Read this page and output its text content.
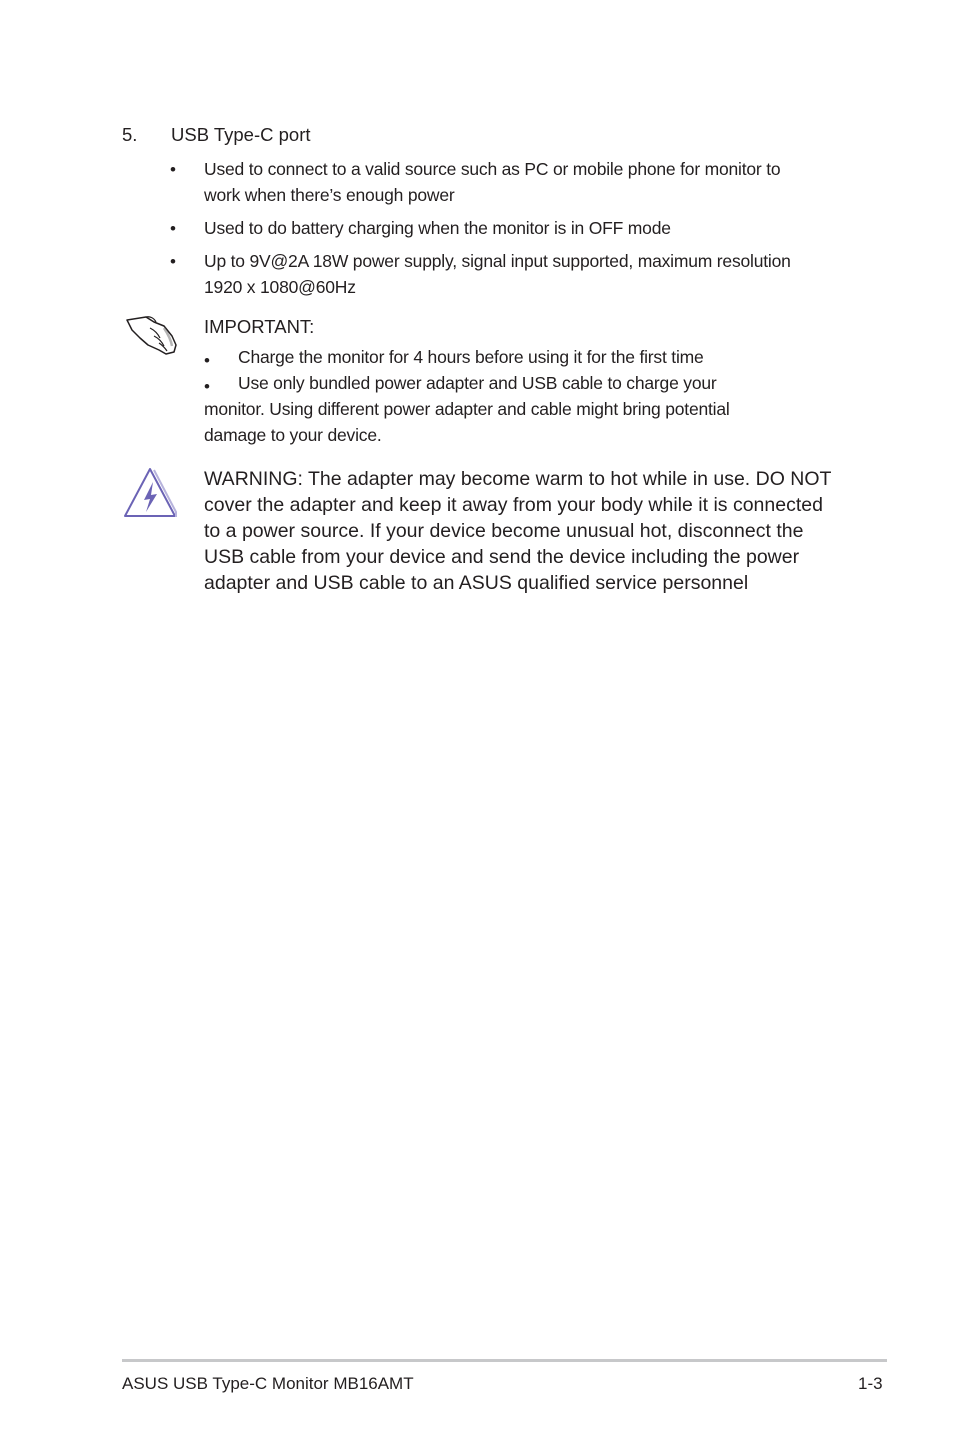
5. USB Type-C port
• Used to connect to a valid source such as PC or mobile phone for monitor to work when there’s enough power
• Used to do battery charging when the monitor is in OFF mode
• Up to 9V@2A 18W power supply, signal input supported, maximum resolution 1920 x 1080@60Hz
IMPORTANT:
• Charge the monitor for 4 hours before using it for the first time
• Use only bundled power adapter and USB cable to charge your
monitor. Using different power adapter and cable might bring potential
damage to your device.
WARNING: The adapter may become warm to hot while in use. DO NOT cover the adapter and keep it away from your body while it is connected to a power source. If your device become unusual hot, disconnect the USB cable from your device and send the device including the power adapter and USB cable to an ASUS qualified service personnel
ASUS USB Type-C Monitor MB16AMT	1-3
